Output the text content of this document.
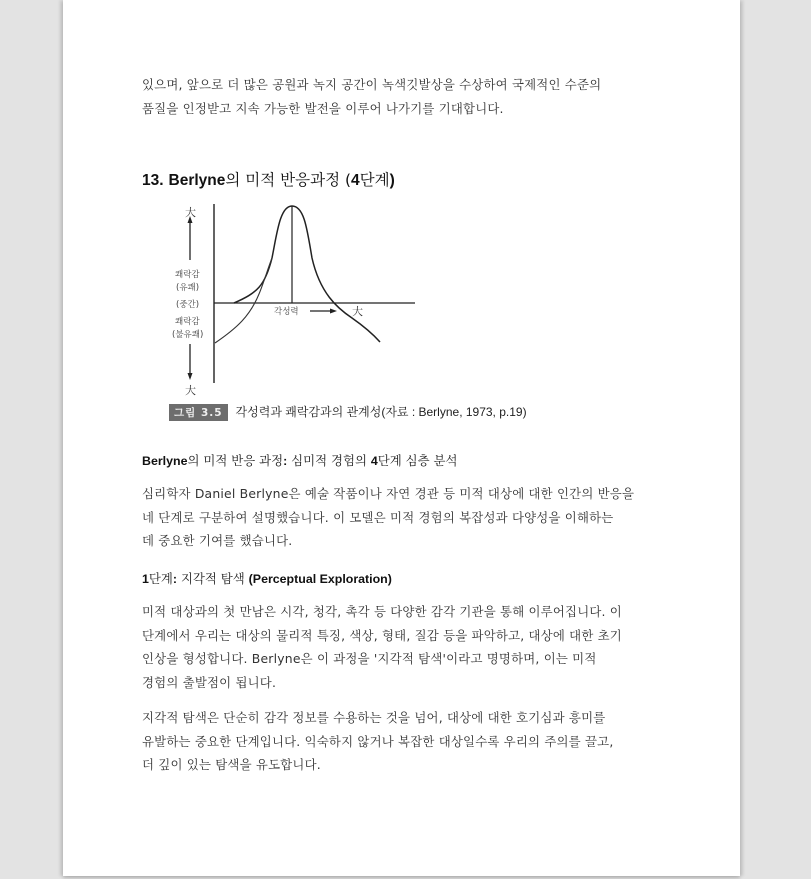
있으며, 앞으로 더 많은 공원과 녹지 공간이 녹색깃발상을 수상하여 국제적인 수준의
품질을 인정받고 지속 가능한 발전을 이루어 나가기를 기대합니다.
13. Berlyne의 미적 반응과정 (4단계)
大
쾌락감
(유쾌)
(중간)
쾌락감
(불유쾌)
大
각성력	大
그림 3.5 각성력과 쾌락감과의 관계성(자료 : Berlyne, 1973, p.19)
Berlyne의 미적 반응 과정: 심미적 경험의 4단계 심층 분석
심리학자 Daniel Berlyne은 예술 작품이나 자연 경관 등 미적 대상에 대한 인간의 반응을
네 단계로 구분하여 설명했습니다. 이 모델은 미적 경험의 복잡성과 다양성을 이해하는
데 중요한 기여를 했습니다.
1단계: 지각적 탐색 (Perceptual Exploration)
미적 대상과의 첫 만남은 시각, 청각, 촉각 등 다양한 감각 기관을 통해 이루어집니다. 이
단계에서 우리는 대상의 물리적 특징, 색상, 형태, 질감 등을 파악하고, 대상에 대한 초기
인상을 형성합니다. Berlyne은 이 과정을 '지각적 탐색'이라고 명명하며, 이는 미적
경험의 출발점이 됩니다.
지각적 탐색은 단순히 감각 정보를 수용하는 것을 넘어, 대상에 대한 호기심과 흥미를
유발하는 중요한 단계입니다. 익숙하지 않거나 복잡한 대상일수록 우리의 주의를 끌고,
더 깊이 있는 탐색을 유도합니다.
